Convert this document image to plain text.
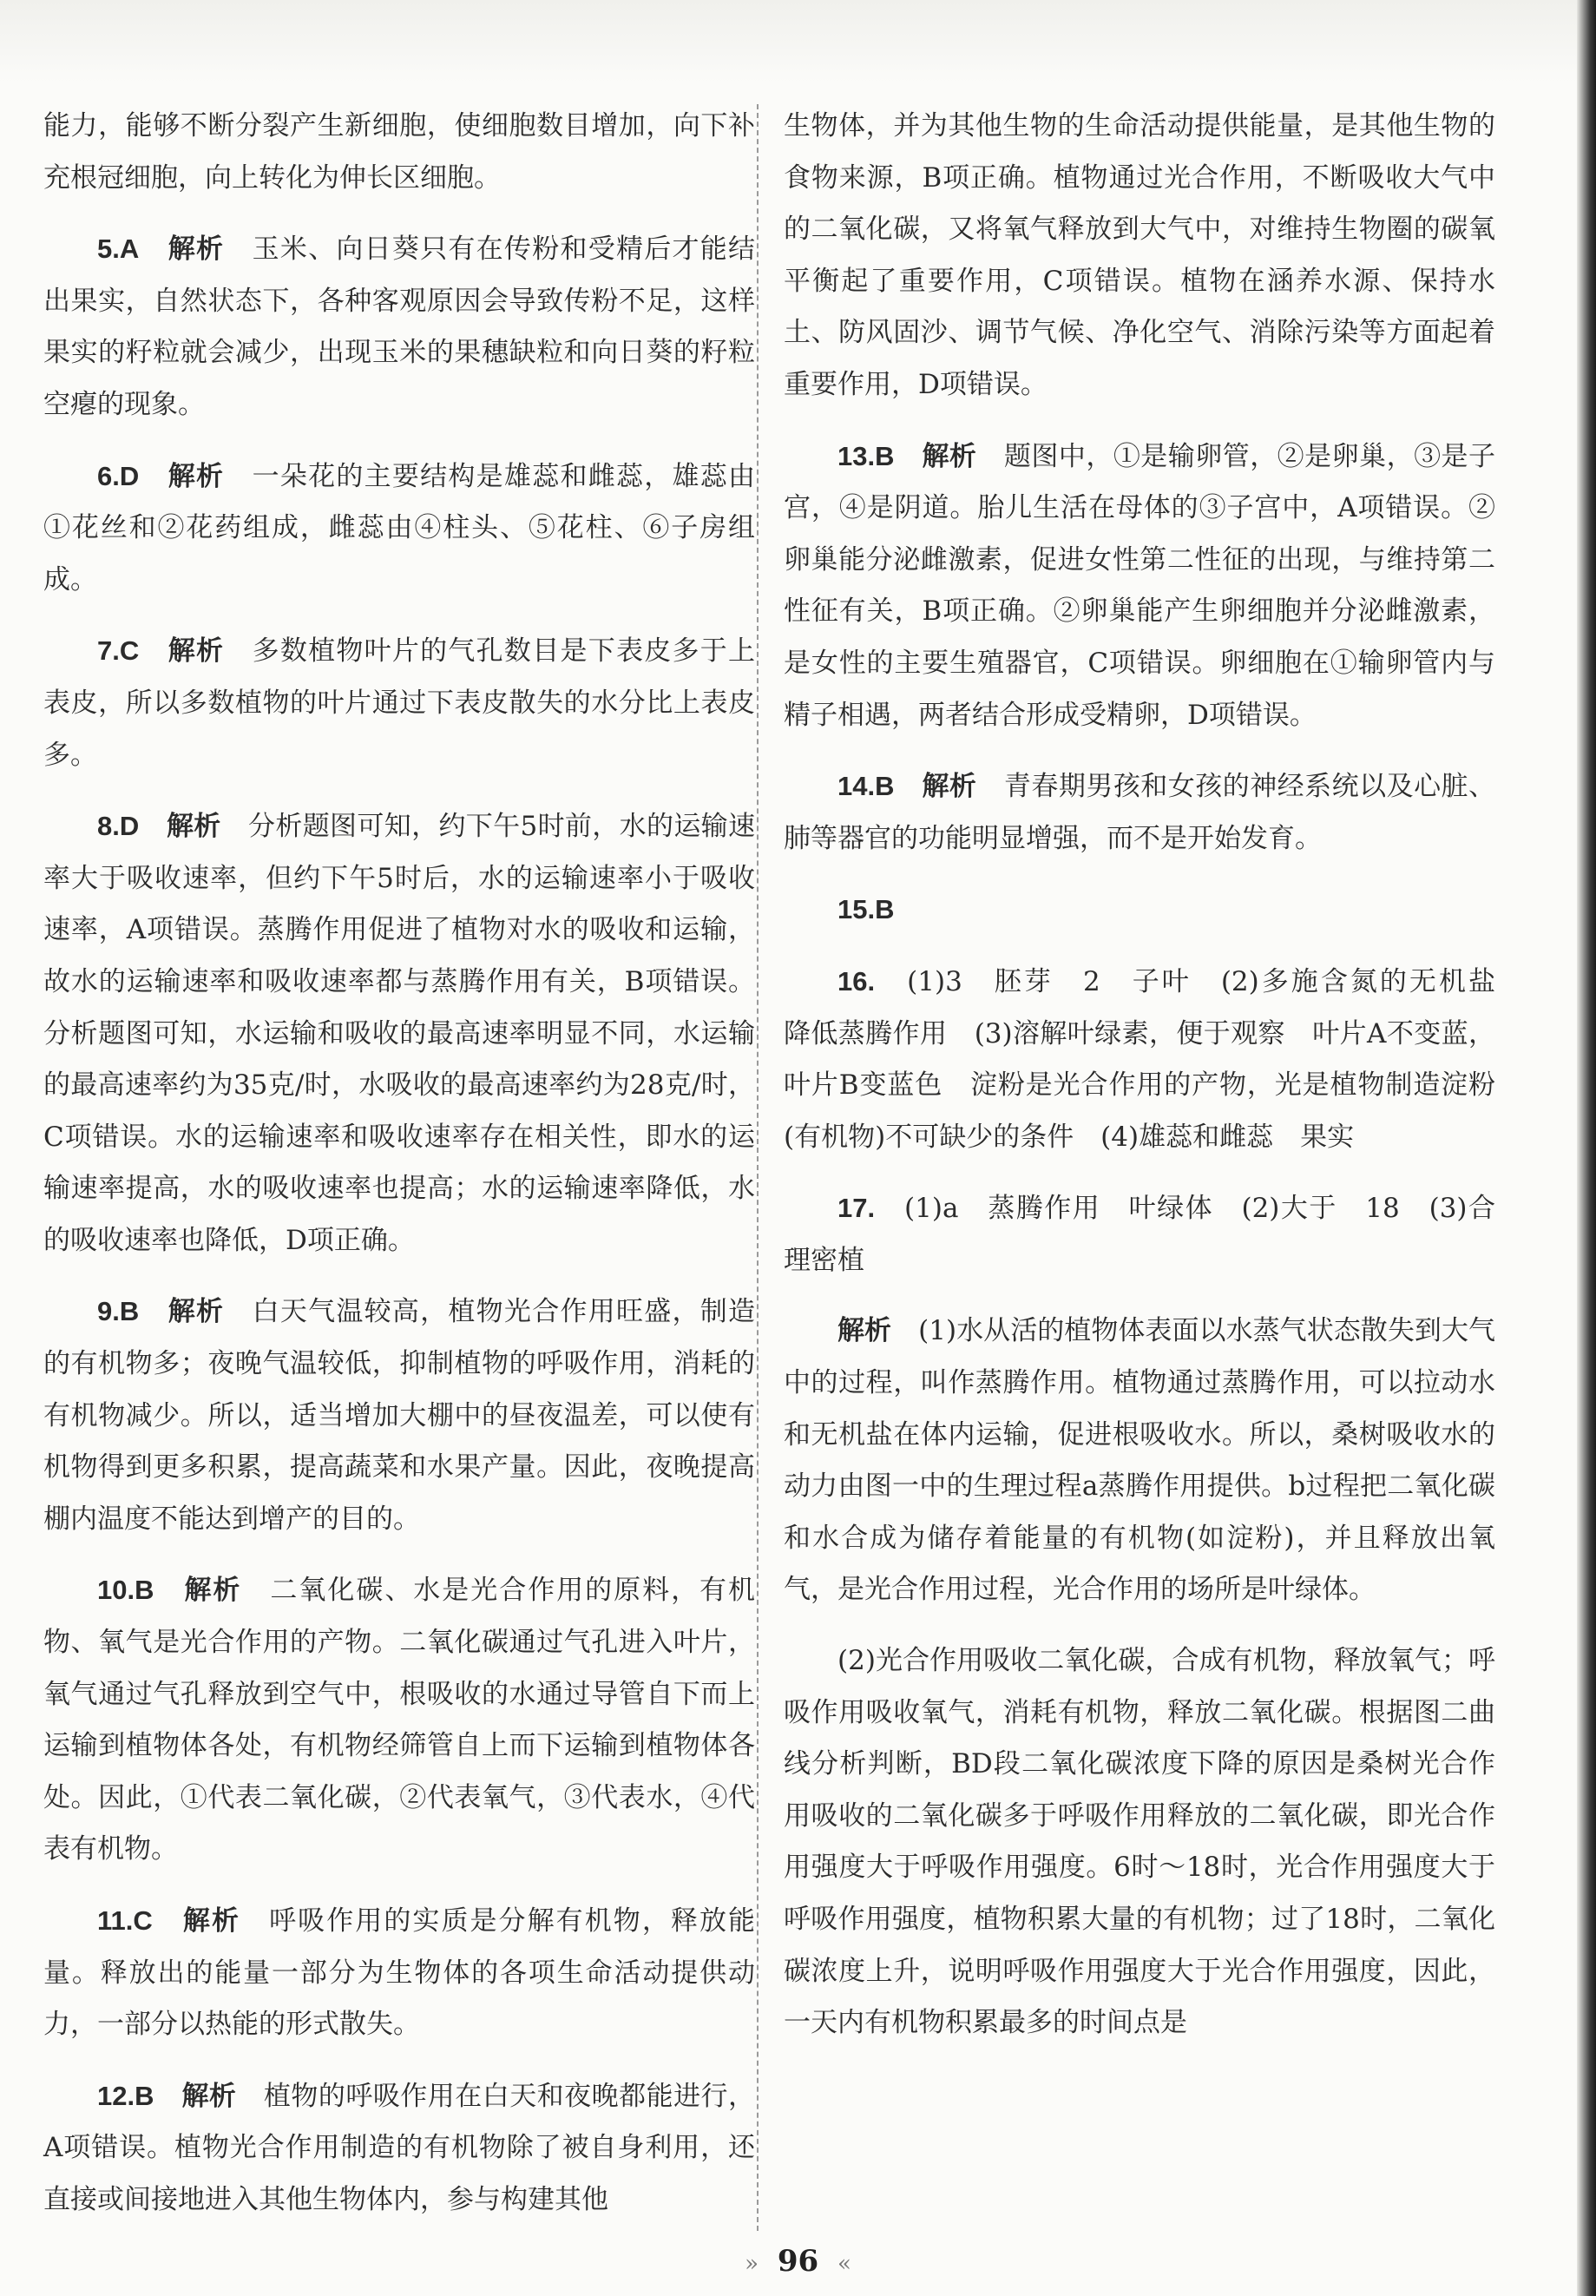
能力，能够不断分裂产生新细胞，使细胞数目增加，向下补充根冠细胞，向上转化为伸长区细胞。

5.A　 解析　 玉米、向日葵只有在传粉和受精后才能结出果实，自然状态下，各种客观原因会导致传粉不足，这样果实的籽粒就会减少，出现玉米的果穗缺粒和向日葵的籽粒空瘪的现象。

6.D　 解析　 一朵花的主要结构是雄蕊和雌蕊，雄蕊由①花丝和②花药组成，雌蕊由④柱头、⑤花柱、⑥子房组成。

7.C　 解析　 多数植物叶片的气孔数目是下表皮多于上表皮，所以多数植物的叶片通过下表皮散失的水分比上表皮多。

8.D　 解析　 分析题图可知，约下午5时前，水的运输速率大于吸收速率，但约下午5时后，水的运输速率小于吸收速率，A项错误。蒸腾作用促进了植物对水的吸收和运输，故水的运输速率和吸收速率都与蒸腾作用有关，B项错误。分析题图可知，水运输和吸收的最高速率明显不同，水运输的最高速率约为35克/时，水吸收的最高速率约为28克/时，C项错误。水的运输速率和吸收速率存在相关性，即水的运输速率提高，水的吸收速率也提高；水的运输速率降低，水的吸收速率也降低，D项正确。

9.B　 解析　 白天气温较高，植物光合作用旺盛，制造的有机物多；夜晚气温较低，抑制植物的呼吸作用，消耗的有机物减少。所以，适当增加大棚中的昼夜温差，可以使有机物得到更多积累，提高蔬菜和水果产量。因此，夜晚提高棚内温度不能达到增产的目的。

10.B　 解析　 二氧化碳、水是光合作用的原料，有机物、氧气是光合作用的产物。二氧化碳通过气孔进入叶片，氧气通过气孔释放到空气中，根吸收的水通过导管自下而上运输到植物体各处，有机物经筛管自上而下运输到植物体各处。因此，①代表二氧化碳，②代表氧气，③代表水，④代表有机物。

11.C　 解析　 呼吸作用的实质是分解有机物，释放能量。释放出的能量一部分为生物体的各项生命活动提供动力，一部分以热能的形式散失。

12.B　 解析　 植物的呼吸作用在白天和夜晚都能进行，A项错误。植物光合作用制造的有机物除了被自身利用，还直接或间接地进入其他生物体内，参与构建其他

生物体，并为其他生物的生命活动提供能量，是其他生物的食物来源，B项正确。植物通过光合作用，不断吸收大气中的二氧化碳，又将氧气释放到大气中，对维持生物圈的碳氧平衡起了重要作用，C项错误。植物在涵养水源、保持水土、防风固沙、调节气候、净化空气、消除污染等方面起着重要作用，D项错误。

13.B　 解析　 题图中，①是输卵管，②是卵巢，③是子宫，④是阴道。胎儿生活在母体的③子宫中，A项错误。②卵巢能分泌雌激素，促进女性第二性征的出现，与维持第二性征有关，B项正确。②卵巢能产生卵细胞并分泌雌激素，是女性的主要生殖器官，C项错误。卵细胞在①输卵管内与精子相遇，两者结合形成受精卵，D项错误。

14.B　 解析　 青春期男孩和女孩的神经系统以及心脏、肺等器官的功能明显增强，而不是开始发育。

15.B　

16.　 (1)3　胚芽　2　子叶　(2)多施含氮的无机盐　降低蒸腾作用　(3)溶解叶绿素，便于观察　叶片A不变蓝，叶片B变蓝色　淀粉是光合作用的产物，光是植物制造淀粉(有机物)不可缺少的条件　(4)雄蕊和雌蕊　果实

17.　 (1)a　蒸腾作用　叶绿体　(2)大于　18　(3)合理密植

解析　 (1)水从活的植物体表面以水蒸气状态散失到大气中的过程，叫作蒸腾作用。植物通过蒸腾作用，可以拉动水和无机盐在体内运输，促进根吸收水。所以，桑树吸收水的动力由图一中的生理过程a蒸腾作用提供。b过程把二氧化碳和水合成为储存着能量的有机物(如淀粉)，并且释放出氧气，是光合作用过程，光合作用的场所是叶绿体。

(2)光合作用吸收二氧化碳，合成有机物，释放氧气；呼吸作用吸收氧气，消耗有机物，释放二氧化碳。根据图二曲线分析判断，BD段二氧化碳浓度下降的原因是桑树光合作用吸收的二氧化碳多于呼吸作用释放的二氧化碳，即光合作用强度大于呼吸作用强度。6时～18时，光合作用强度大于呼吸作用强度，植物积累大量的有机物；过了18时，二氧化碳浓度上升，说明呼吸作用强度大于光合作用强度，因此，一天内有机物积累最多的时间点是

» 96 «
